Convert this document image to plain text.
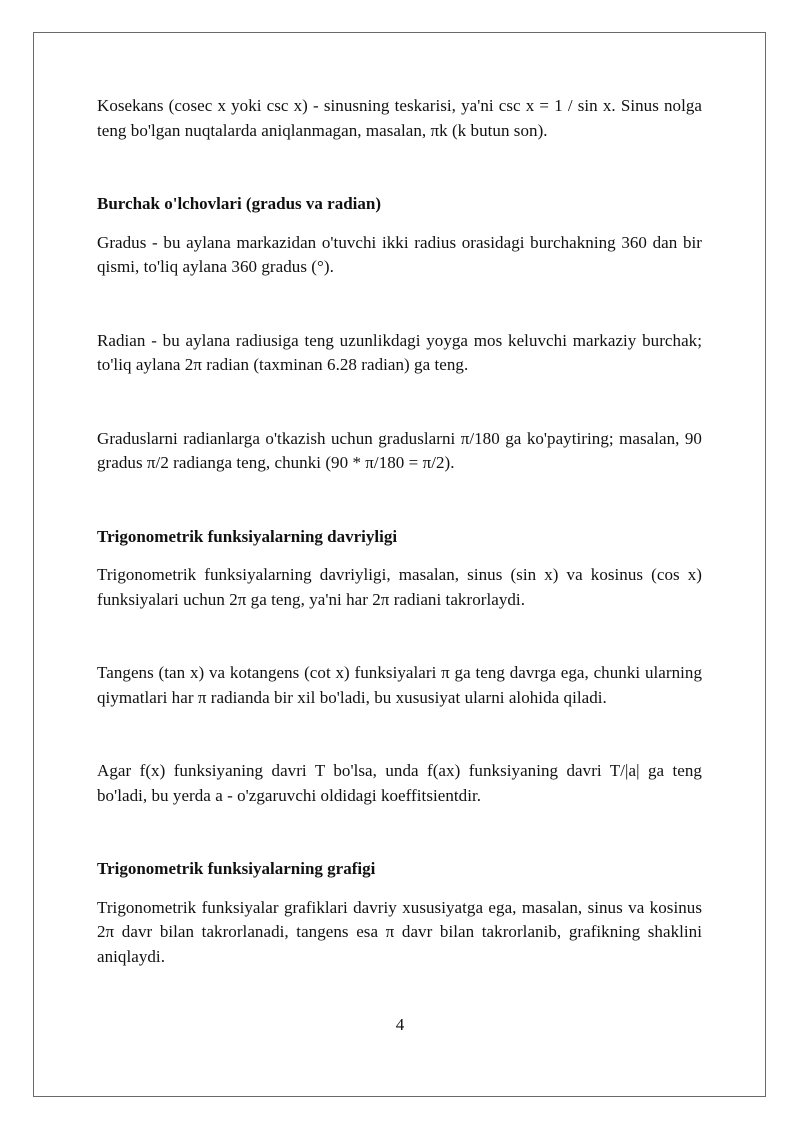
Kosekans (cosec x yoki csc x) - sinusning teskarisi, ya'ni csc x = 1 / sin x. Sinus nolga teng bo'lgan nuqtalarda aniqlanmagan, masalan, πk (k butun son).

Burchak o'lchovlari (gradus va radian)

Gradus - bu aylana markazidan o'tuvchi ikki radius orasidagi burchakning 360 dan bir qismi, to'liq aylana 360 gradus (°).

Radian - bu aylana radiusiga teng uzunlikdagi yoyga mos keluvchi markaziy burchak; to'liq aylana 2π radian (taxminan 6.28 radian) ga teng.

Graduslarni radianlarga o'tkazish uchun graduslarni π/180 ga ko'paytiring; masalan, 90 gradus π/2 radianga teng, chunki (90 * π/180 = π/2).

Trigonometrik funksiyalarning davriyligi

Trigonometrik funksiyalarning davriyligi, masalan, sinus (sin x) va kosinus (cos x) funksiyalari uchun 2π ga teng, ya'ni har 2π radiani takrorlaydi.

Tangens (tan x) va kotangens (cot x) funksiyalari π ga teng davrga ega, chunki ularning qiymatlari har π radianda bir xil bo'ladi, bu xususiyat ularni alohida qiladi.

Agar f(x) funksiyaning davri T bo'lsa, unda f(ax) funksiyaning davri T/|a| ga teng bo'ladi, bu yerda a - o'zgaruvchi oldidagi koeffitsientdir.

Trigonometrik funksiyalarning grafigi

Trigonometrik funksiyalar grafiklari davriy xususiyatga ega, masalan, sinus va kosinus 2π davr bilan takrorlanadi, tangens esa π davr bilan takrorlanib, grafikning shaklini aniqlaydi.

4
